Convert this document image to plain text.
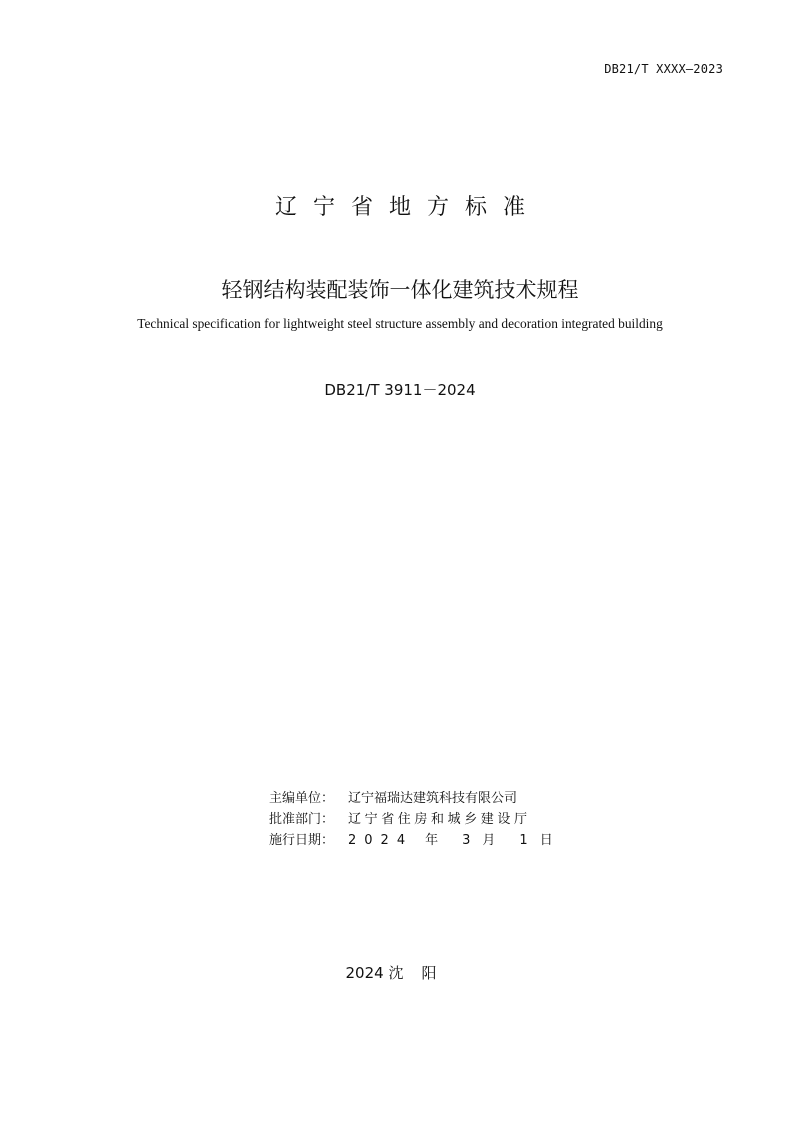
DB21/T XXXX—2023
辽宁省地方标准
轻钢结构装配装饰一体化建筑技术规程
Technical specification for lightweight steel structure assembly and decoration integrated building
DB21/T 3911－2024
主编单位：	辽宁福瑞达建筑科技有限公司
批准部门：	辽宁省住房和城乡建设厅
施行日期：	2024 年 3 月 1 日
2024 沈阳
